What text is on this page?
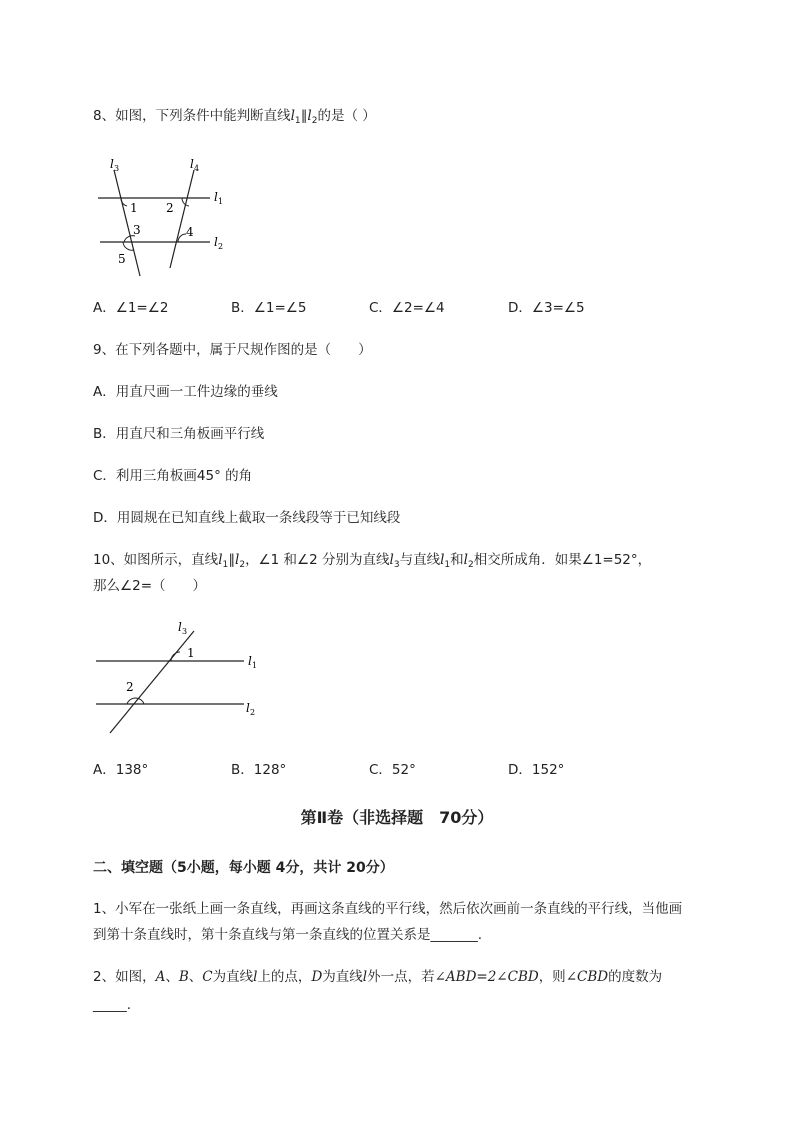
8、如图，下列条件中能判断直线$l_1\parallel l_2$的是（ ）
l 3	l 4
l 1
l 2
1 2
3	4
5
A．∠1=∠2	B．∠1=∠5	C．∠2=∠4	D．∠3=∠5
9、在下列各题中，属于尺规作图的是（　　）
A．用直尺画一工件边缘的垂线
B．用直尺和三角板画平行线
C．利用三角板画45° 的角
D．用圆规在已知直线上截取一条线段等于已知线段
10、如图所示，直线$l_1\parallel l_2$，∠1 和∠2 分别为直线$l_3$与直线$l_1$和$l_2$相交所成角．如果∠1=52°，
那么∠2=（　　）
l 3
l 1
l 2
1
2
A．138°	B．128°	C．52°	D．152°
第Ⅱ卷（非选择题　70分）
二、填空题（5小题，每小题 4分，共计 20分）
1、小军在一张纸上画一条直线，再画这条直线的平行线，然后依次画前一条直线的平行线，当他画
到第十条直线时，第十条直线与第一条直线的位置关系是_______.
2、如图，A、B、C为直线l上的点，D为直线l外一点，若∠ABD=2∠CBD，则∠CBD的度数为
_____.
